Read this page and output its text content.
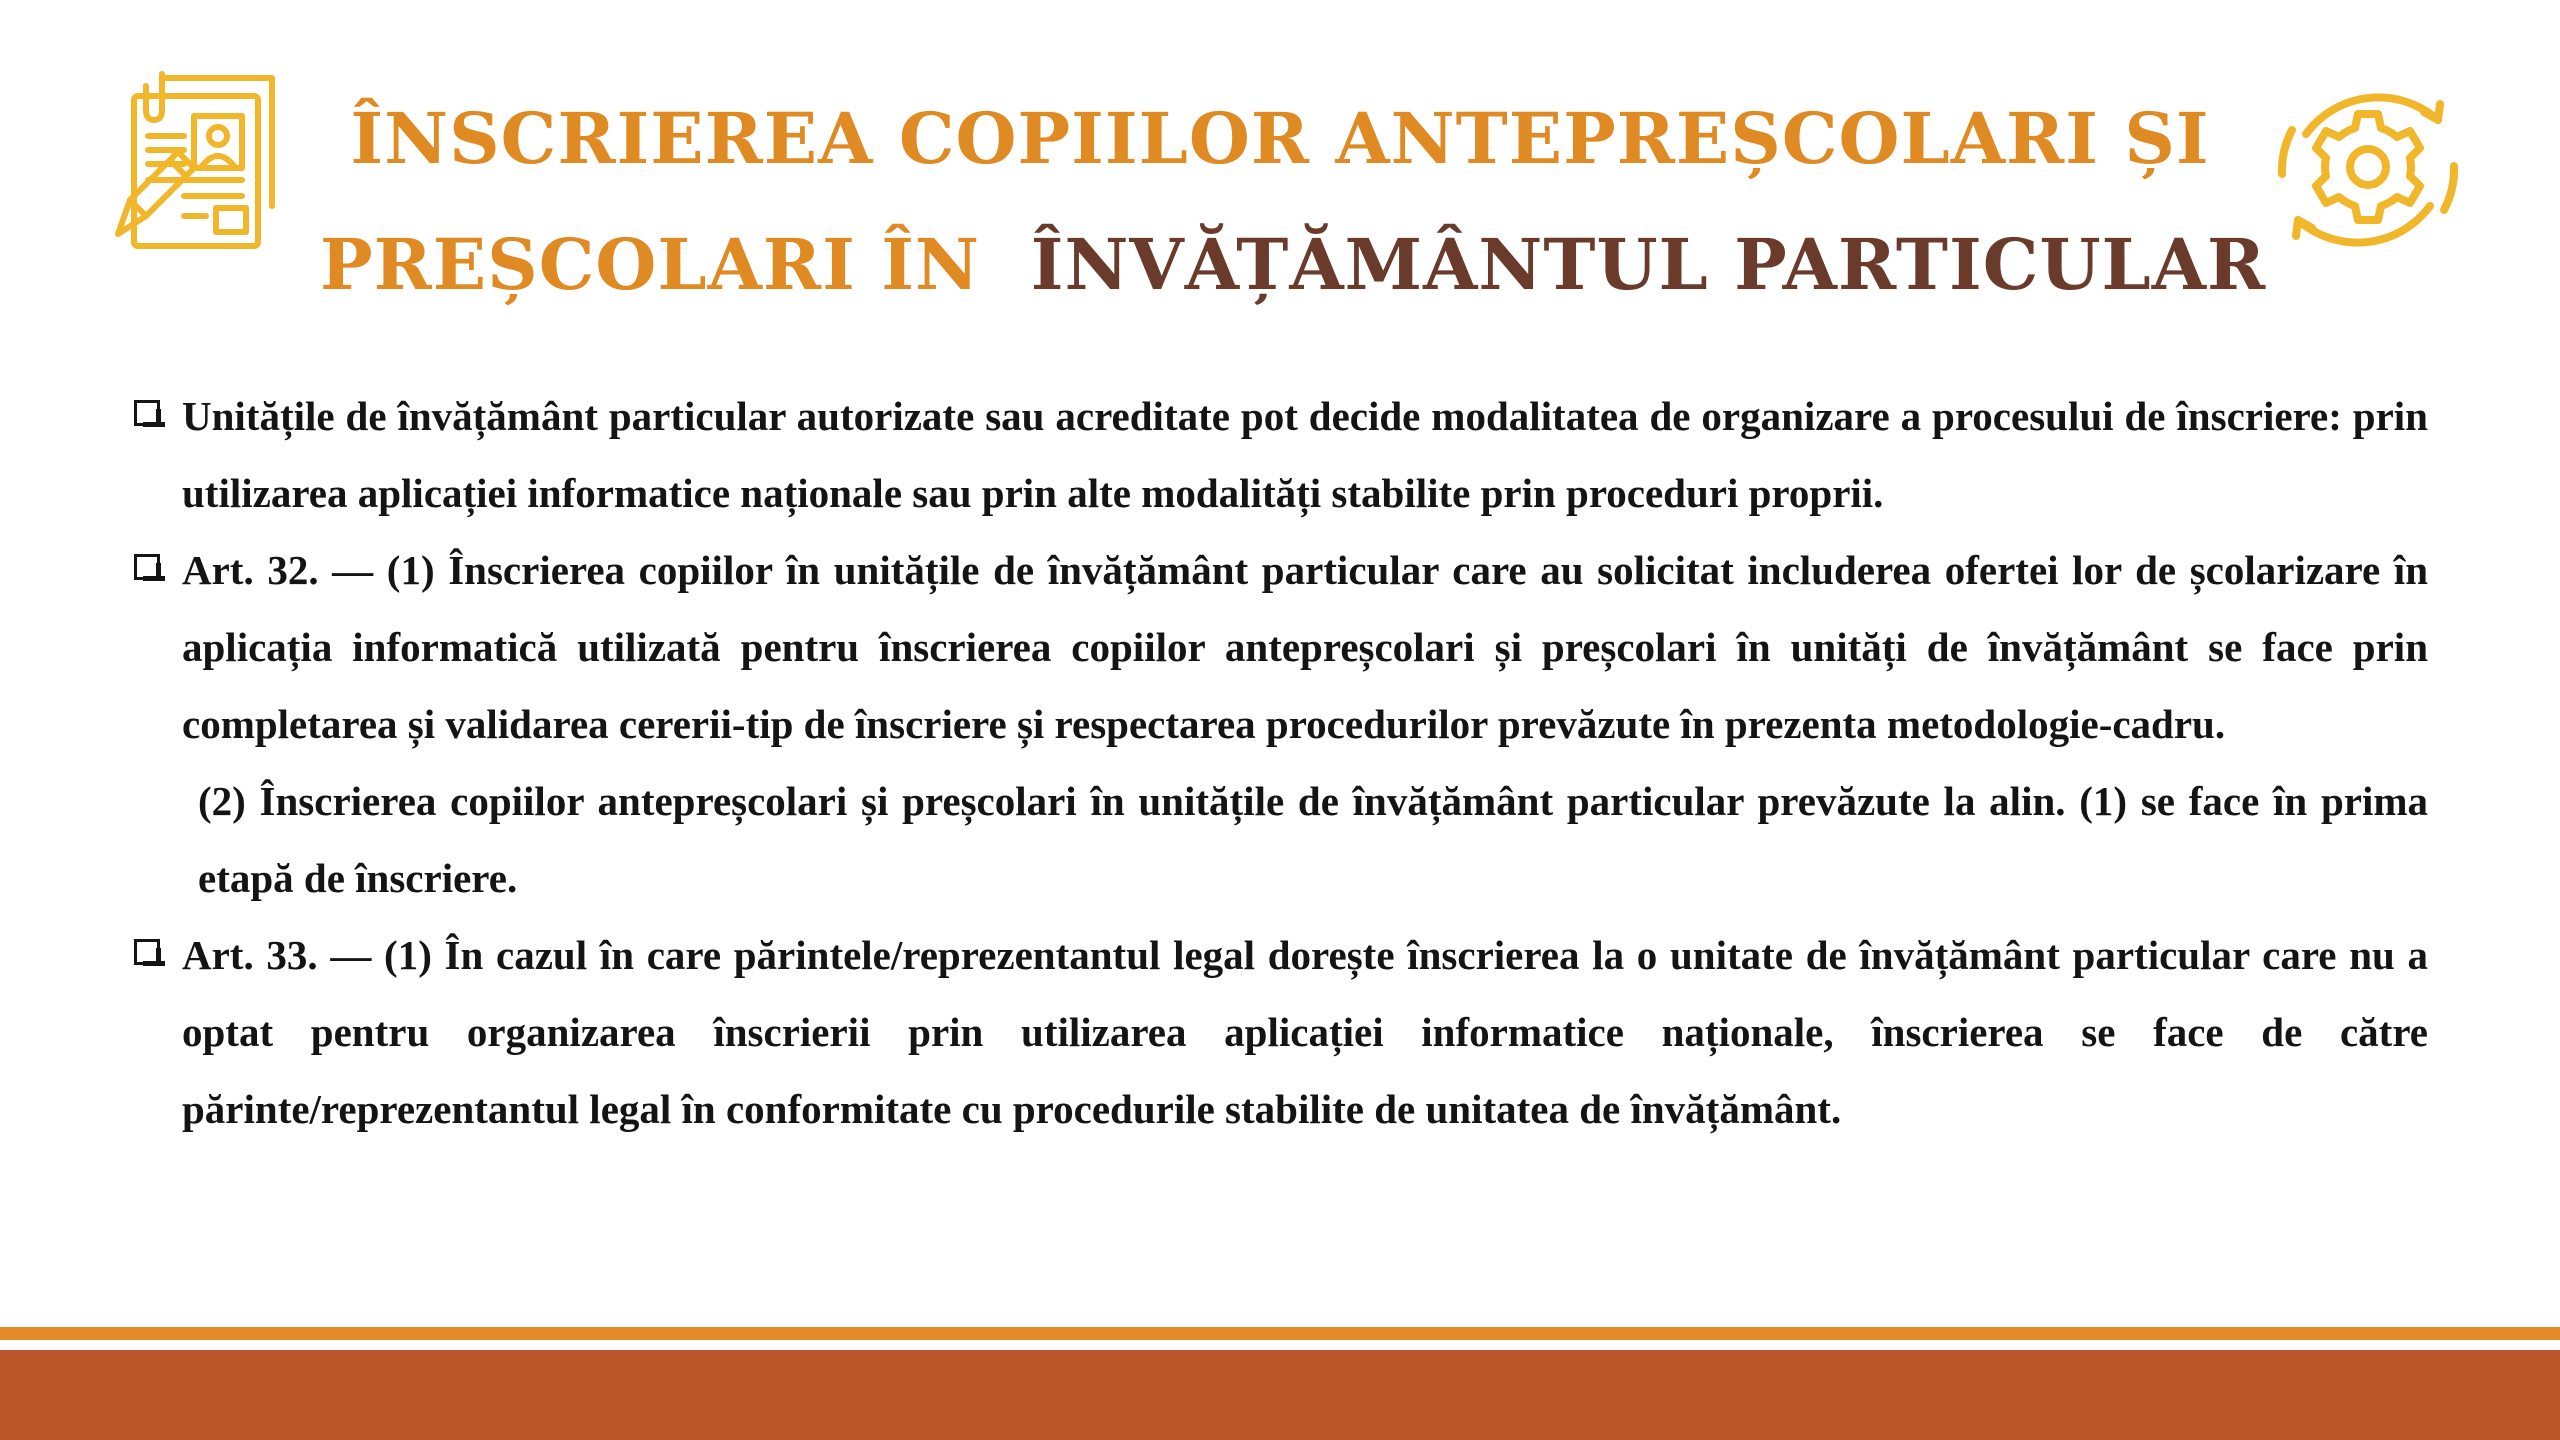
ÎNSCRIEREA COPIILOR ANTEPREȘCOLARI ȘI
PREȘCOLARI ÎN ÎNVĂȚĂMÂNTUL PARTICULAR

Unitățile de învățământ particular autorizate sau acreditate pot decide modalitatea de organizare a procesului de înscriere: prin utilizarea aplicației informatice naționale sau prin alte modalități stabilite prin proceduri proprii.

Art. 32. — (1) Înscrierea copiilor în unitățile de învățământ particular care au solicitat includerea ofertei lor de școlarizare în aplicația informatică utilizată pentru înscrierea copiilor antepreșcolari și preșcolari în unități de învățământ se face prin completarea și validarea cererii-tip de înscriere și respectarea procedurilor prevăzute în prezenta metodologie-cadru.

(2) Înscrierea copiilor antepreșcolari și preșcolari în unitățile de învățământ particular prevăzute la alin. (1) se face în prima etapă de înscriere.

Art. 33. — (1) În cazul în care părintele/reprezentantul legal dorește înscrierea la o unitate de învățământ particular care nu a optat pentru organizarea înscrierii prin utilizarea aplicației informatice naționale, înscrierea se face de către părinte/reprezentantul legal în conformitate cu procedurile stabilite de unitatea de învățământ.
